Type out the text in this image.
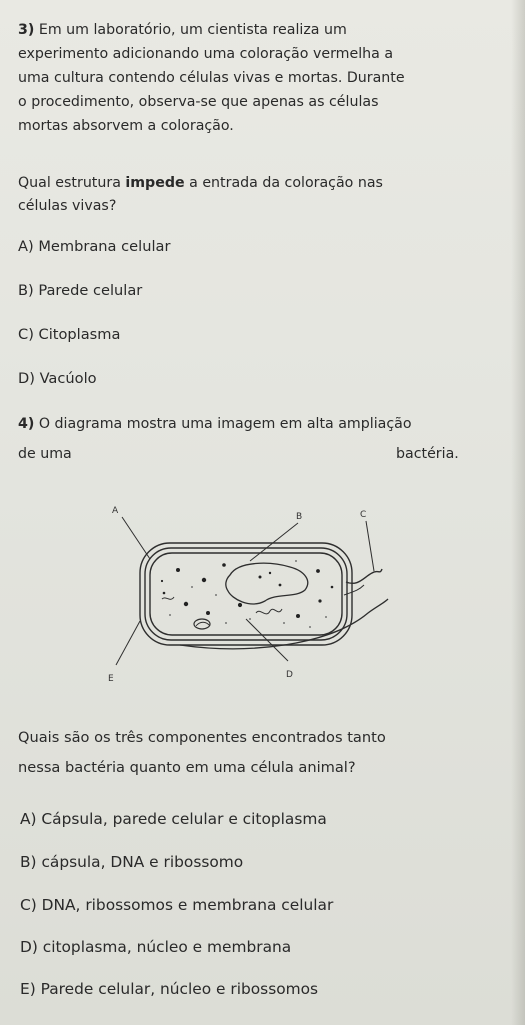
3) Em um laboratório, um cientista realiza um

experimento adicionando uma coloração vermelha a

uma cultura contendo células vivas e mortas. Durante

o procedimento, observa-se que apenas as células

mortas absorvem a coloração.

Qual estrutura impede a entrada da coloração nas

células vivas?

A) Membrana celular
B) Parede celular
C) Citoplasma
D) Vacúolo

4) O diagrama mostra uma imagem em alta ampliação

de uma	bactéria.

A
B	C
D
E

Quais são os três componentes encontrados tanto

nessa bactéria quanto em uma célula animal?

A) Cápsula, parede celular e citoplasma
B) cápsula, DNA e ribossomo
C) DNA, ribossomos e membrana celular
D) citoplasma, núcleo e membrana
E) Parede celular, núcleo e ribossomos
